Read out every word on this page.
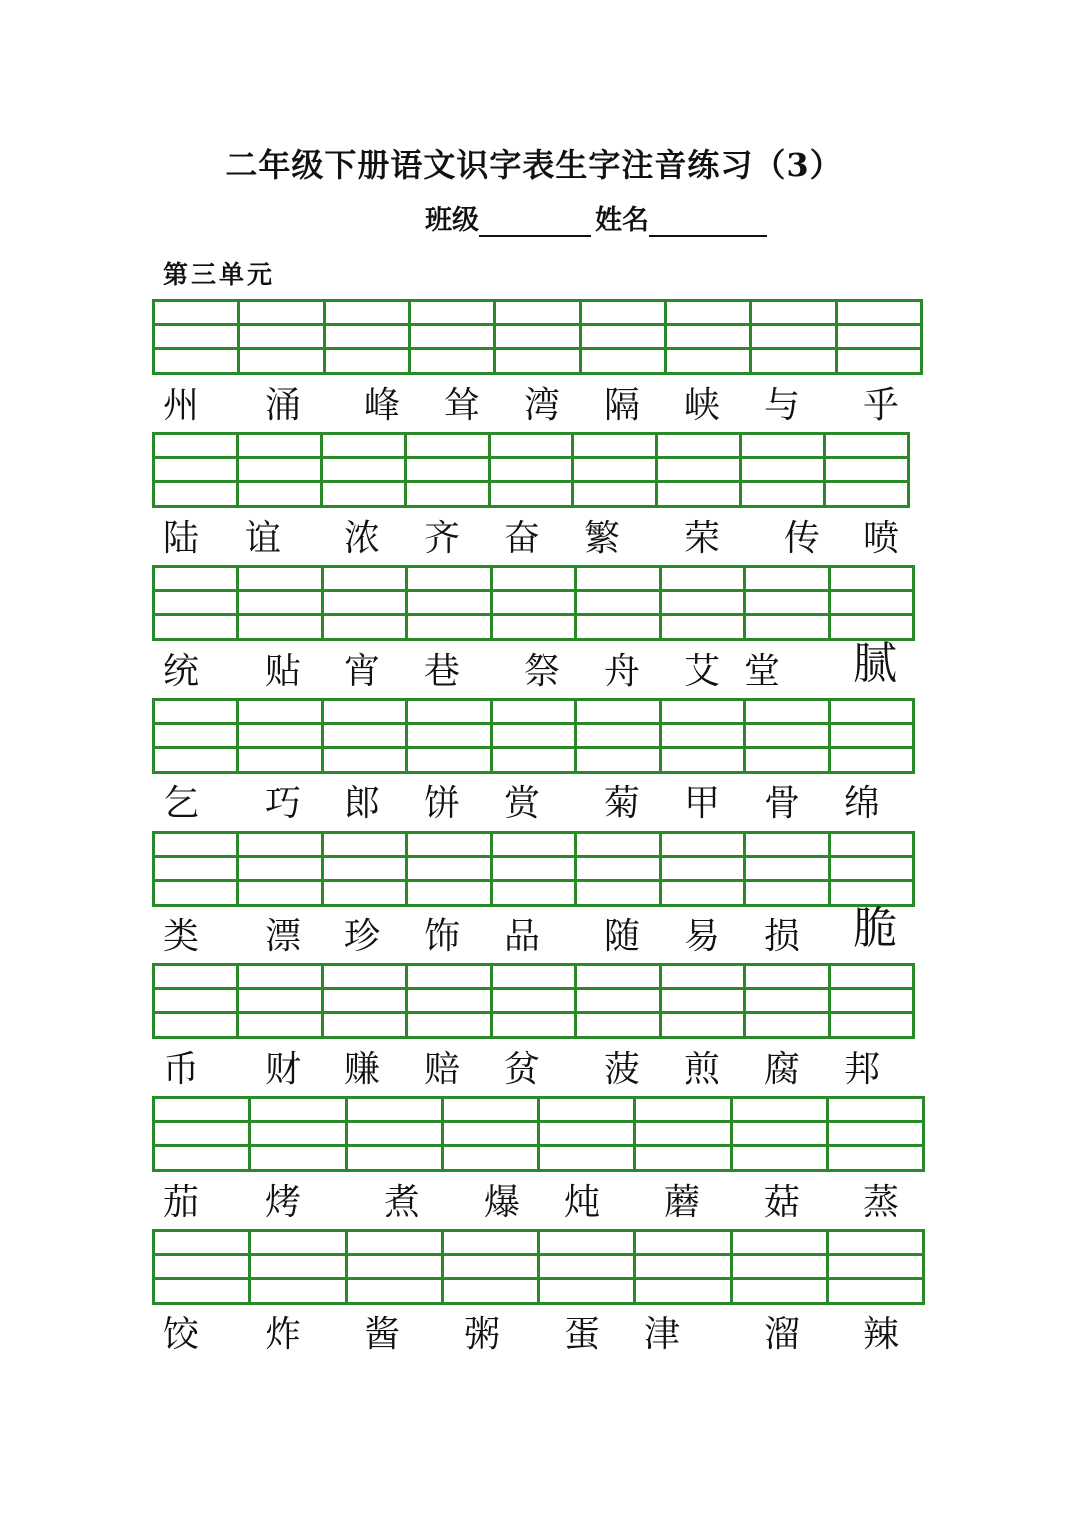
二年级下册语文识字表生字注音练习（3）
班级	姓名
第三单元
州 涌 峰 耸 湾 隔 峡 与 乎
陆 谊 浓 齐 奋 繁 荣 传 喷
统 贴 宵 巷 祭 舟 艾 堂 腻
乞 巧 郎 饼 赏 菊 甲 骨 绵
类 漂 珍 饰 品 随 易 损 脆
币 财 赚 赔 贫 菠 煎 腐 邦
茄 烤 煮 爆 炖 蘑 菇 蒸
饺 炸 酱 粥 蛋 津 溜 辣
